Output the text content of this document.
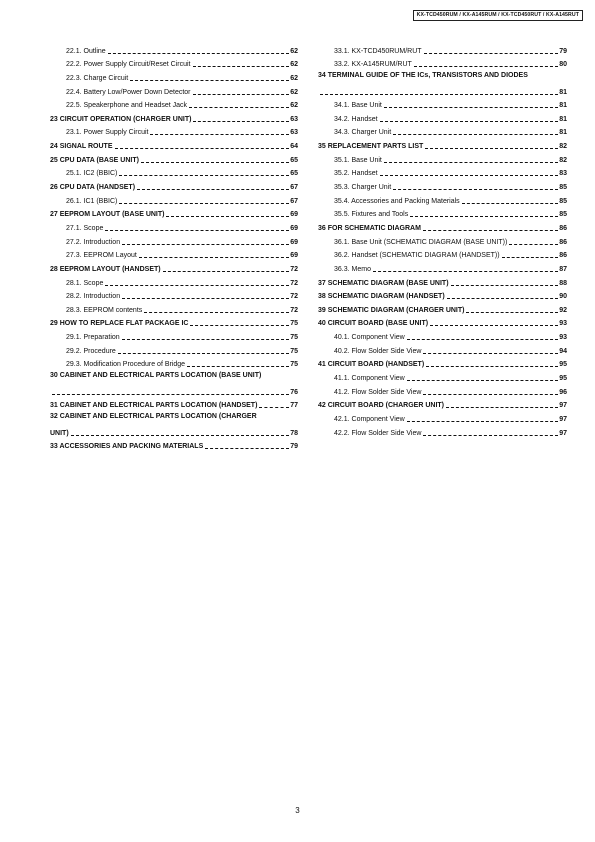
KX-TCD450RUM / KX-A145RUM / KX-TCD450RUT / KX-A145RUT
22.1. Outline	62
22.2. Power Supply Circuit/Reset Circuit	62
22.3. Charge Circuit	62
22.4. Battery Low/Power Down Detector	62
22.5. Speakerphone and Headset Jack	62
23 CIRCUIT OPERATION (CHARGER UNIT)	63
23.1. Power Supply Circuit	63
24 SIGNAL ROUTE	64
25 CPU DATA (BASE UNIT)	65
25.1. IC2 (BBIC)	65
26 CPU DATA (HANDSET)	67
26.1. IC1 (BBIC)	67
27 EEPROM LAYOUT (BASE UNIT)	69
27.1. Scope	69
27.2. Introduction	69
27.3. EEPROM Layout	69
28 EEPROM LAYOUT (HANDSET)	72
28.1. Scope	72
28.2. Introduction	72
28.3. EEPROM contents	72
29 HOW TO REPLACE FLAT PACKAGE IC	75
29.1. Preparation	75
29.2. Procedure	75
29.3. Modification Procedure of Bridge	75
30 CABINET AND ELECTRICAL PARTS LOCATION (BASE UNIT)
76
31 CABINET AND ELECTRICAL PARTS LOCATION (HANDSET)	77
32 CABINET AND ELECTRICAL PARTS LOCATION (CHARGER
UNIT)	78
33 ACCESSORIES AND PACKING MATERIALS	79
33.1. KX-TCD450RUM/RUT	79
33.2. KX-A145RUM/RUT	80
34 TERMINAL GUIDE OF THE ICs, TRANSISTORS AND DIODES
81
34.1. Base Unit	81
34.2. Handset	81
34.3. Charger Unit	81
35 REPLACEMENT PARTS LIST	82
35.1. Base Unit	82
35.2. Handset	83
35.3. Charger Unit	85
35.4. Accessories and Packing Materials	85
35.5. Fixtures and Tools	85
36 FOR SCHEMATIC DIAGRAM	86
36.1. Base Unit (SCHEMATIC DIAGRAM (BASE UNIT))	86
36.2. Handset (SCHEMATIC DIAGRAM (HANDSET))	86
36.3. Memo	87
37 SCHEMATIC DIAGRAM (BASE UNIT)	88
38 SCHEMATIC DIAGRAM (HANDSET)	90
39 SCHEMATIC DIAGRAM (CHARGER UNIT)	92
40 CIRCUIT BOARD (BASE UNIT)	93
40.1. Component View	93
40.2. Flow Solder Side View	94
41 CIRCUIT BOARD (HANDSET)	95
41.1. Component View	95
41.2. Flow Solder Side View	96
42 CIRCUIT BOARD (CHARGER UNIT)	97
42.1. Component View	97
42.2. Flow Solder Side View	97
3
